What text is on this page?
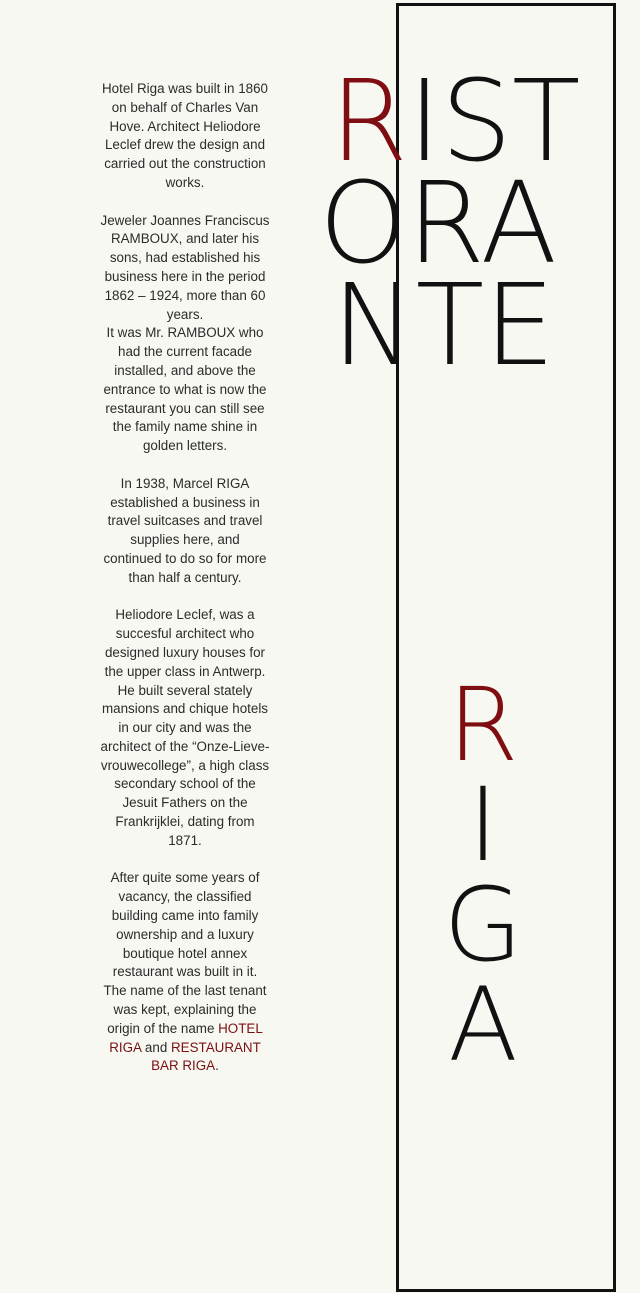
Hotel Riga was built in 1860 on behalf of Charles Van Hove. Architect Heliodore Leclef drew the design and carried out the construction works.

Jeweler Joannes Franciscus RAMBOUX, and later his sons, had established his business here in the period 1862 – 1924, more than 60 years.

It was Mr. RAMBOUX who had the current facade installed, and above the entrance to what is now the restaurant you can still see the family name shine in golden letters.

In 1938, Marcel RIGA established a business in travel suitcases and travel supplies here, and continued to do so for more than half a century.

Heliodore Leclef, was a succesful architect who designed luxury houses for the upper class in Antwerp. He built several stately mansions and chique hotels in our city and was the architect of the “Onze-Lieve-vrouwecollege”, a high class secondary school of the Jesuit Fathers on the Frankrijklei, dating from 1871.

After quite some years of vacancy, the classified building came into family ownership and a luxury boutique hotel annex restaurant was built in it. The name of the last tenant was kept, explaining the origin of the name HOTEL RIGA and RESTAURANT BAR RIGA.

RIST
ORA
NTE
R
I
G
A
